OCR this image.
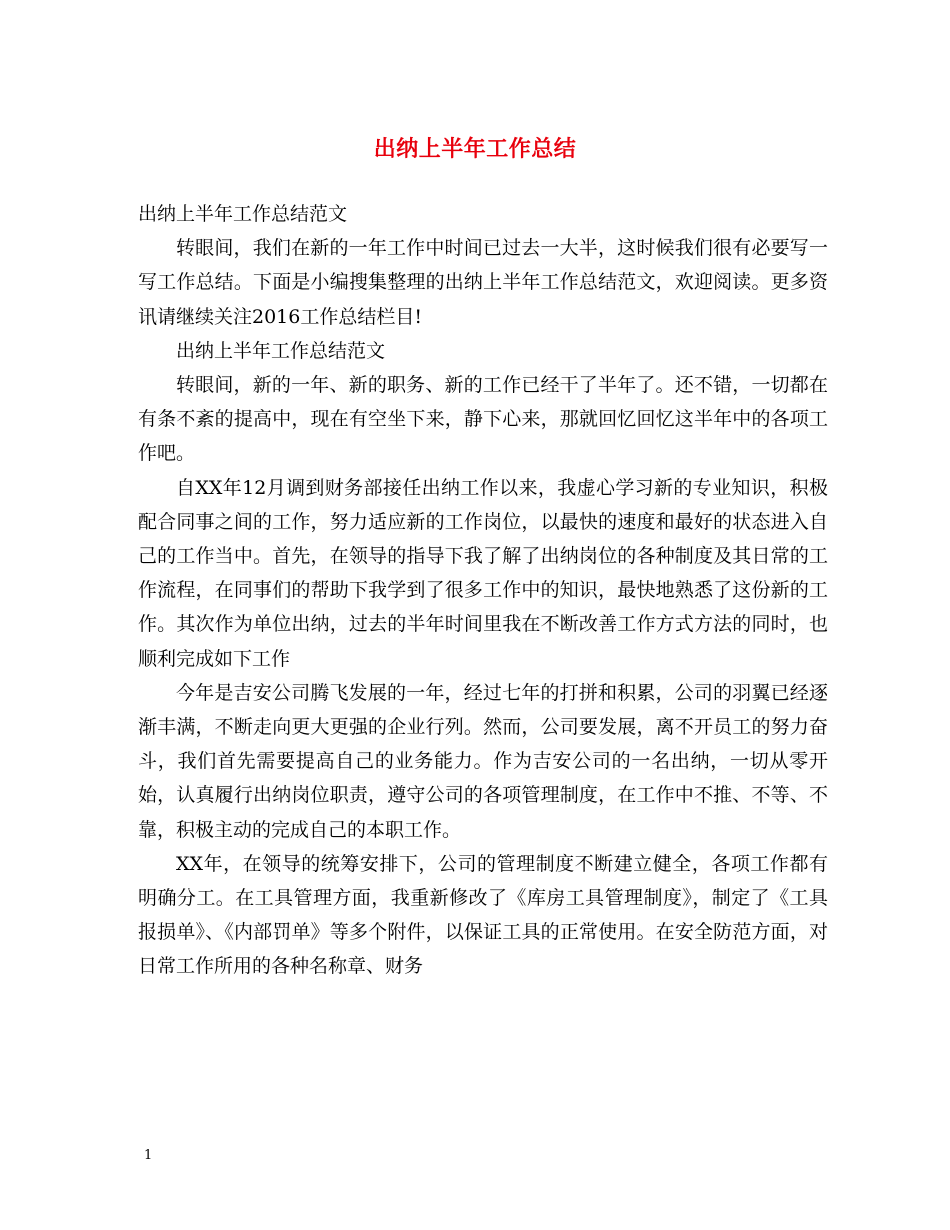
出纳上半年工作总结

出纳上半年工作总结范文

转眼间，我们在新的一年工作中时间已过去一大半，这时候我们很有必要写一写工作总结。下面是小编搜集整理的出纳上半年工作总结范文，欢迎阅读。更多资讯请继续关注2016工作总结栏目!

出纳上半年工作总结范文

转眼间，新的一年、新的职务、新的工作已经干了半年了。还不错，一切都在有条不紊的提高中，现在有空坐下来，静下心来，那就回忆回忆这半年中的各项工作吧。

自XX年12月调到财务部接任出纳工作以来，我虚心学习新的专业知识，积极配合同事之间的工作，努力适应新的工作岗位，以最快的速度和最好的状态进入自己的工作当中。首先，在领导的指导下我了解了出纳岗位的各种制度及其日常的工作流程，在同事们的帮助下我学到了很多工作中的知识，最快地熟悉了这份新的工作。其次作为单位出纳，过去的半年时间里我在不断改善工作方式方法的同时，也顺利完成如下工作

今年是吉安公司腾飞发展的一年，经过七年的打拼和积累，公司的羽翼已经逐渐丰满，不断走向更大更强的企业行列。然而，公司要发展，离不开员工的努力奋斗，我们首先需要提高自己的业务能力。作为吉安公司的一名出纳，一切从零开始，认真履行出纳岗位职责，遵守公司的各项管理制度，在工作中不推、不等、不靠，积极主动的完成自己的本职工作。

XX年，在领导的统筹安排下，公司的管理制度不断建立健全，各项工作都有明确分工。在工具管理方面，我重新修改了《库房工具管理制度》，制定了《工具报损单》、《内部罚单》等多个附件，以保证工具的正常使用。在安全防范方面，对日常工作所用的各种名称章、财务

1
